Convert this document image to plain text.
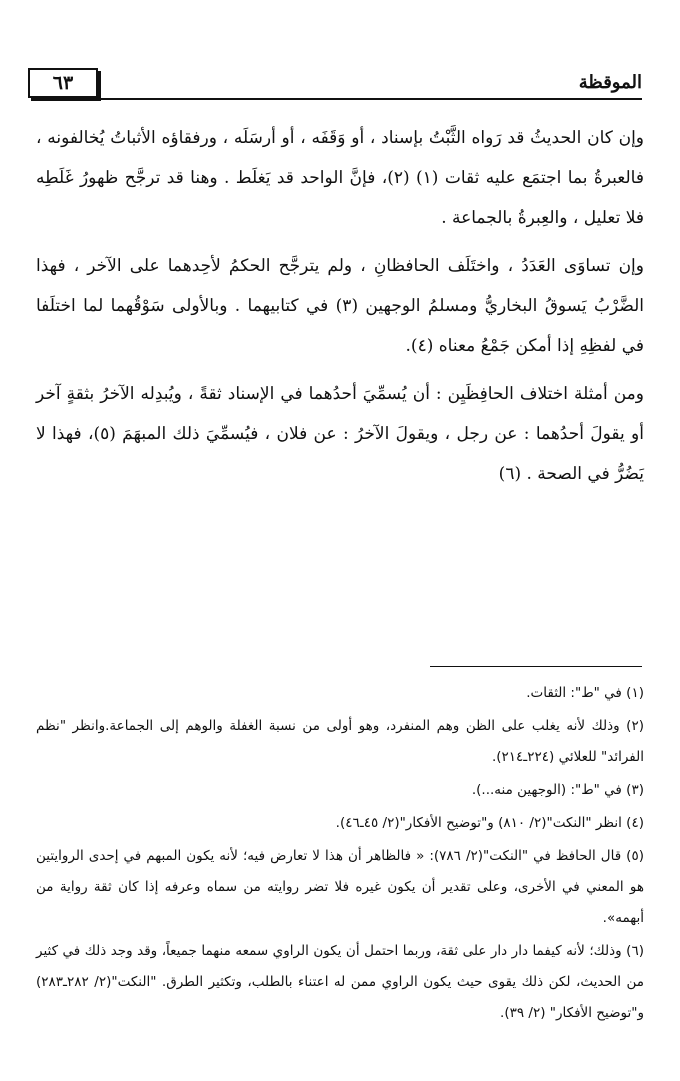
٦٣	الموقظة

وإن كان الحديثُ قد رَواه الثَّبْتُ بإسناد ، أو وَقَفَه ، أو أرسَلَه ، ورفقاؤه الأثباتُ يُخالفونه ، فالعبرةُ بما اجتمَع عليه ثقات (١) (٢)، فإنَّ الواحد قد يَغلَط . وهنا قد ترجَّح ظهورُ غَلَطِه فلا تعليل ، والعِبرةُ بالجماعة .

وإن تساوَى العَدَدُ ، واختَلَف الحافظانِ ، ولم يترجَّح الحكمُ لأحِدهما على الآخر ، فهذا الضَّرْبُ يَسوقُ البخاريُّ ومسلمُ الوجهين (٣) في كتابيهما . وبالأولى سَوْقُهما لما اختلَفا في لفظِهِ إذا أمكن جَمْعُ معناه (٤).

ومن أمثلة اختلاف الحافِظَيِن : أن يُسمِّيَ أحدُهما في الإسناد ثقةً ، ويُبدِله الآخرُ بثقةٍ آخر أو يقولَ أحدُهما : عن رجل ، ويقولَ الآخرُ : عن فلان ، فيُسمِّيَ ذلك المبهَمَ (٥)، فهذا لا يَضُرُّ في الصحة . (٦)

(١) في "ط": الثقات.

(٢) وذلك لأنه يغلب على الظن وهم المنفرد، وهو أولى من نسبة الغفلة والوهم إلى الجماعة.وانظر "نظم الفرائد" للعلائي (٢٢٤ـ٢١٤).

(٣) في "ط": (الوجهين منه...).

(٤) انظر "النكت"(٢/ ٨١٠) و"توضيح الأفكار"(٢/ ٤٥ـ٤٦).

(٥) قال الحافظ في "النكت"(٢/ ٧٨٦): « فالظاهر أن هذا لا تعارض فيه؛ لأنه يكون المبهم في إحدى الروايتين هو المعني في الأخرى، وعلى تقدير أن يكون غيره فلا تضر روايته من سماه وعرفه إذا كان ثقة رواية من أبهمه».

(٦) وذلك؛ لأنه كيفما دار دار على ثقة، وربما احتمل أن يكون الراوي سمعه منهما جميعاً، وقد وجد ذلك في كثير من الحديث، لكن ذلك يقوى حيث يكون الراوي ممن له اعتناء بالطلب، وتكثير الطرق. "النكت"(٢/ ٢٨٢ـ٢٨٣) و"توضيح الأفكار" (٢/ ٣٩).
